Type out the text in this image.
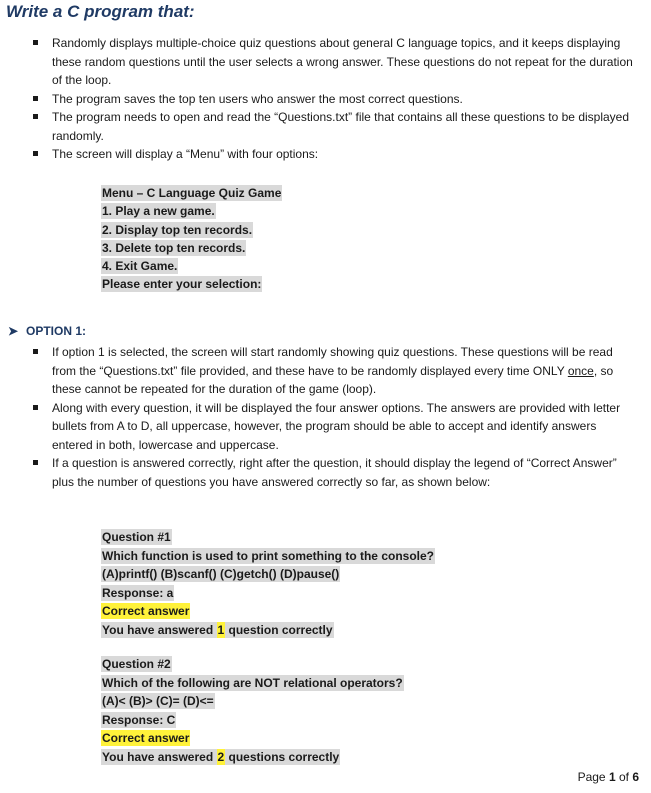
Write a C program that:
Randomly displays multiple-choice quiz questions about general C language topics, and it keeps displaying these random questions until the user selects a wrong answer. These questions do not repeat for the duration of the loop.
The program saves the top ten users who answer the most correct questions.
The program needs to open and read the “Questions.txt” file that contains all these questions to be displayed randomly.
The screen will display a “Menu” with four options:
Menu – C Language Quiz Game
1. Play a new game.
2. Display top ten records.
3. Delete top ten records.
4. Exit Game.
Please enter your selection:
➤ OPTION 1:
If option 1 is selected, the screen will start randomly showing quiz questions. These questions will be read from the “Questions.txt” file provided, and these have to be randomly displayed every time ONLY once, so these cannot be repeated for the duration of the game (loop).
Along with every question, it will be displayed the four answer options. The answers are provided with letter bullets from A to D, all uppercase, however, the program should be able to accept and identify answers entered in both, lowercase and uppercase.
If a question is answered correctly, right after the question, it should display the legend of “Correct Answer” plus the number of questions you have answered correctly so far, as shown below:
Question #1
Which function is used to print something to the console?
(A)printf() (B)scanf() (C)getch() (D)pause()
Response: a
Correct answer
You have answered 1 question correctly
Question #2
Which of the following are NOT relational operators?
(A)< (B)> (C)= (D)<=
Response: C
Correct answer
You have answered 2 questions correctly
Page 1 of 6
